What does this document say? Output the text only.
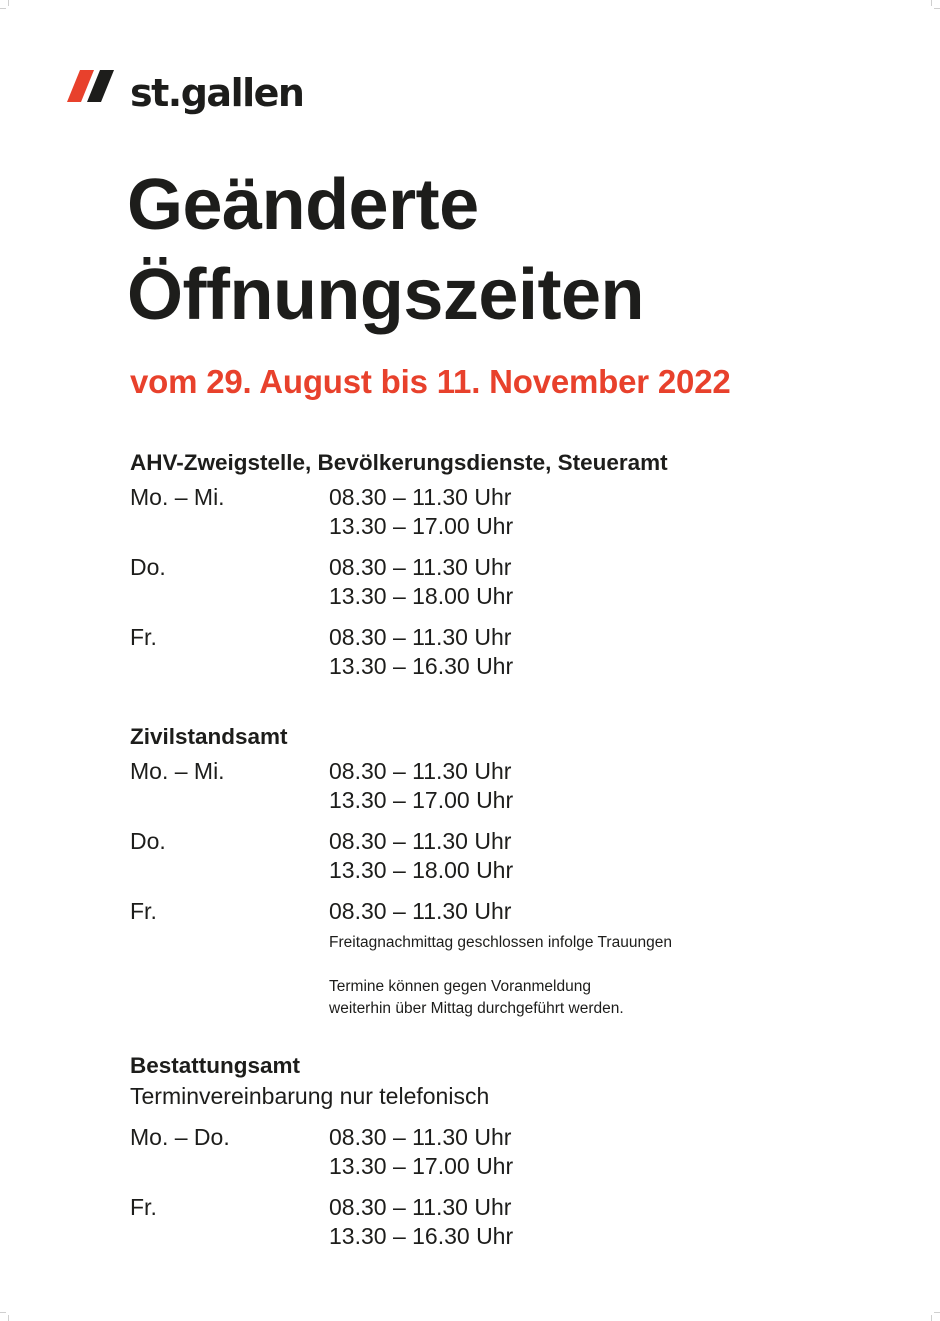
st.gallen
Geänderte
Öffnungszeiten

vom 29. August bis 11. November 2022

AHV-Zweigstelle, Bevölkerungsdienste, Steueramt
Mo. – Mi.	08.30 – 11.30 Uhr
13.30 – 17.00 Uhr
Do.	08.30 – 11.30 Uhr
13.30 – 18.00 Uhr
Fr.	08.30 – 11.30 Uhr
13.30 – 16.30 Uhr
Zivilstandsamt
Mo. – Mi.	08.30 – 11.30 Uhr
13.30 – 17.00 Uhr
Do.	08.30 – 11.30 Uhr
13.30 – 18.00 Uhr
Fr.	08.30 – 11.30 Uhr
Freitagnachmittag geschlossen infolge Trauungen
Termine können gegen Voranmeldung
weiterhin über Mittag durchgeführt werden.
Bestattungsamt

Terminvereinbarung nur telefonisch

Mo. – Do.	08.30 – 11.30 Uhr
13.30 – 17.00 Uhr
Fr.	08.30 – 11.30 Uhr
13.30 – 16.30 Uhr
